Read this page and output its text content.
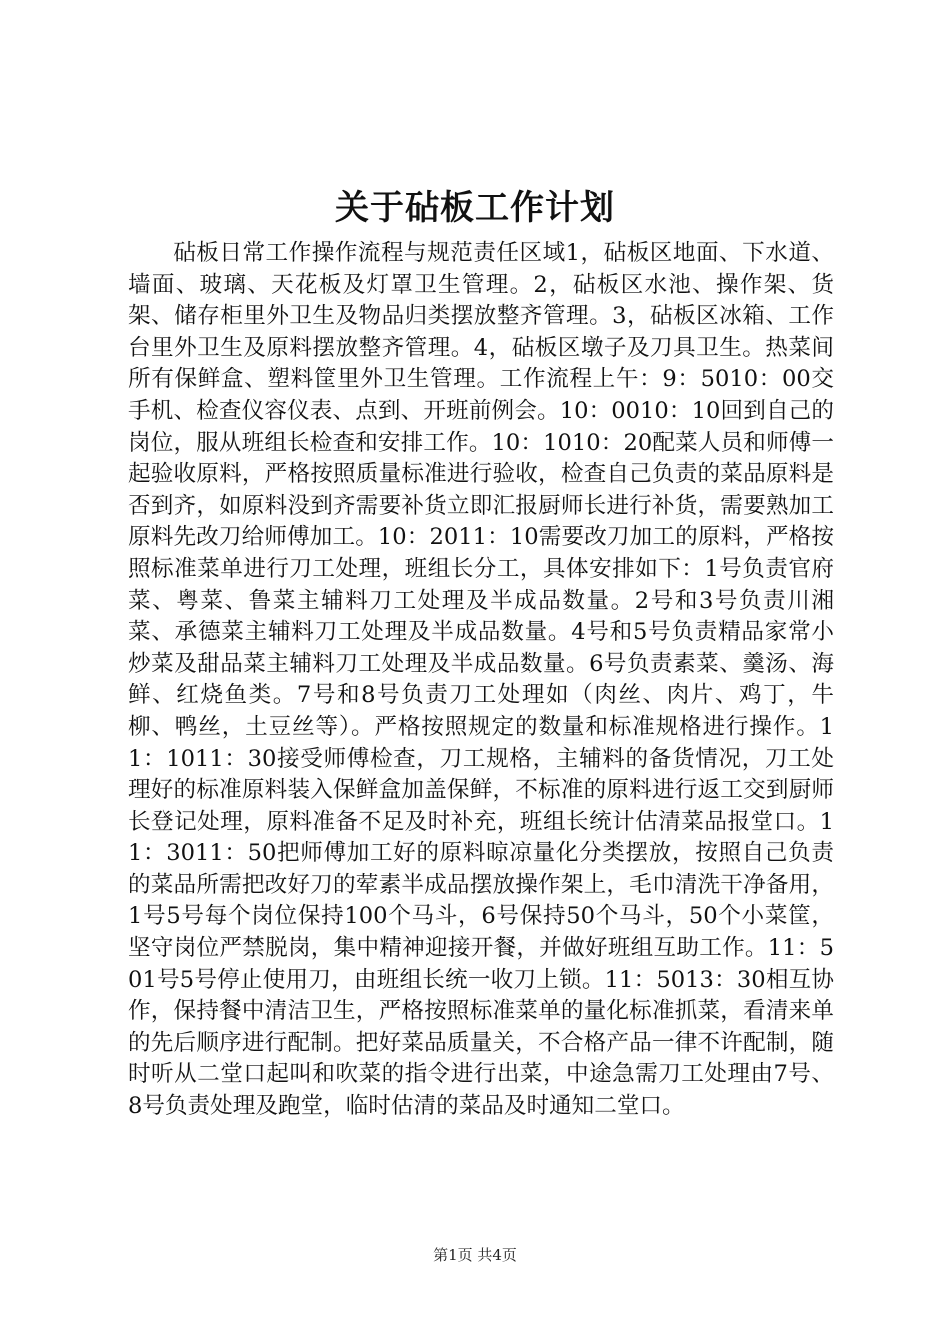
关于砧板工作计划

砧板日常工作操作流程与规范责任区域1，砧板区地面、下水道、墙面、玻璃、天花板及灯罩卫生管理。2，砧板区水池、操作架、货架、储存柜里外卫生及物品归类摆放整齐管理。3，砧板区冰箱、工作台里外卫生及原料摆放整齐管理。4，砧板区墩子及刀具卫生。热菜间所有保鲜盒、塑料筐里外卫生管理。工作流程上午：9：5010：00交手机、检查仪容仪表、点到、开班前例会。10：0010：10回到自己的岗位，服从班组长检查和安排工作。10：1010：20配菜人员和师傅一起验收原料，严格按照质量标准进行验收，检查自己负责的菜品原料是否到齐，如原料没到齐需要补货立即汇报厨师长进行补货，需要熟加工原料先改刀给师傅加工。10：2011：10需要改刀加工的原料，严格按照标准菜单进行刀工处理，班组长分工，具体安排如下：1号负责官府菜、粤菜、鲁菜主辅料刀工处理及半成品数量。2号和3号负责川湘菜、承德菜主辅料刀工处理及半成品数量。4号和5号负责精品家常小炒菜及甜品菜主辅料刀工处理及半成品数量。6号负责素菜、羹汤、海鲜、红烧鱼类。7号和8号负责刀工处理如（肉丝、肉片、鸡丁，牛柳、鸭丝，土豆丝等）。严格按照规定的数量和标准规格进行操作。11：1011：30接受师傅检查，刀工规格，主辅料的备货情况，刀工处理好的标准原料装入保鲜盒加盖保鲜，不标准的原料进行返工交到厨师长登记处理，原料准备不足及时补充，班组长统计估清菜品报堂口。11：3011：50把师傅加工好的原料晾凉量化分类摆放，按照自己负责的菜品所需把改好刀的荤素半成品摆放操作架上，毛巾清洗干净备用，1号5号每个岗位保持100个马斗，6号保持50个马斗，50个小菜筐，坚守岗位严禁脱岗，集中精神迎接开餐，并做好班组互助工作。11：501号5号停止使用刀，由班组长统一收刀上锁。11：5013：30相互协作，保持餐中清洁卫生，严格按照标准菜单的量化标准抓菜，看清来单的先后顺序进行配制。把好菜品质量关，不合格产品一律不许配制，随时听从二堂口起叫和吹菜的指令进行出菜，中途急需刀工处理由7号、8号负责处理及跑堂，临时估清的菜品及时通知二堂口。

第1页 共4页
